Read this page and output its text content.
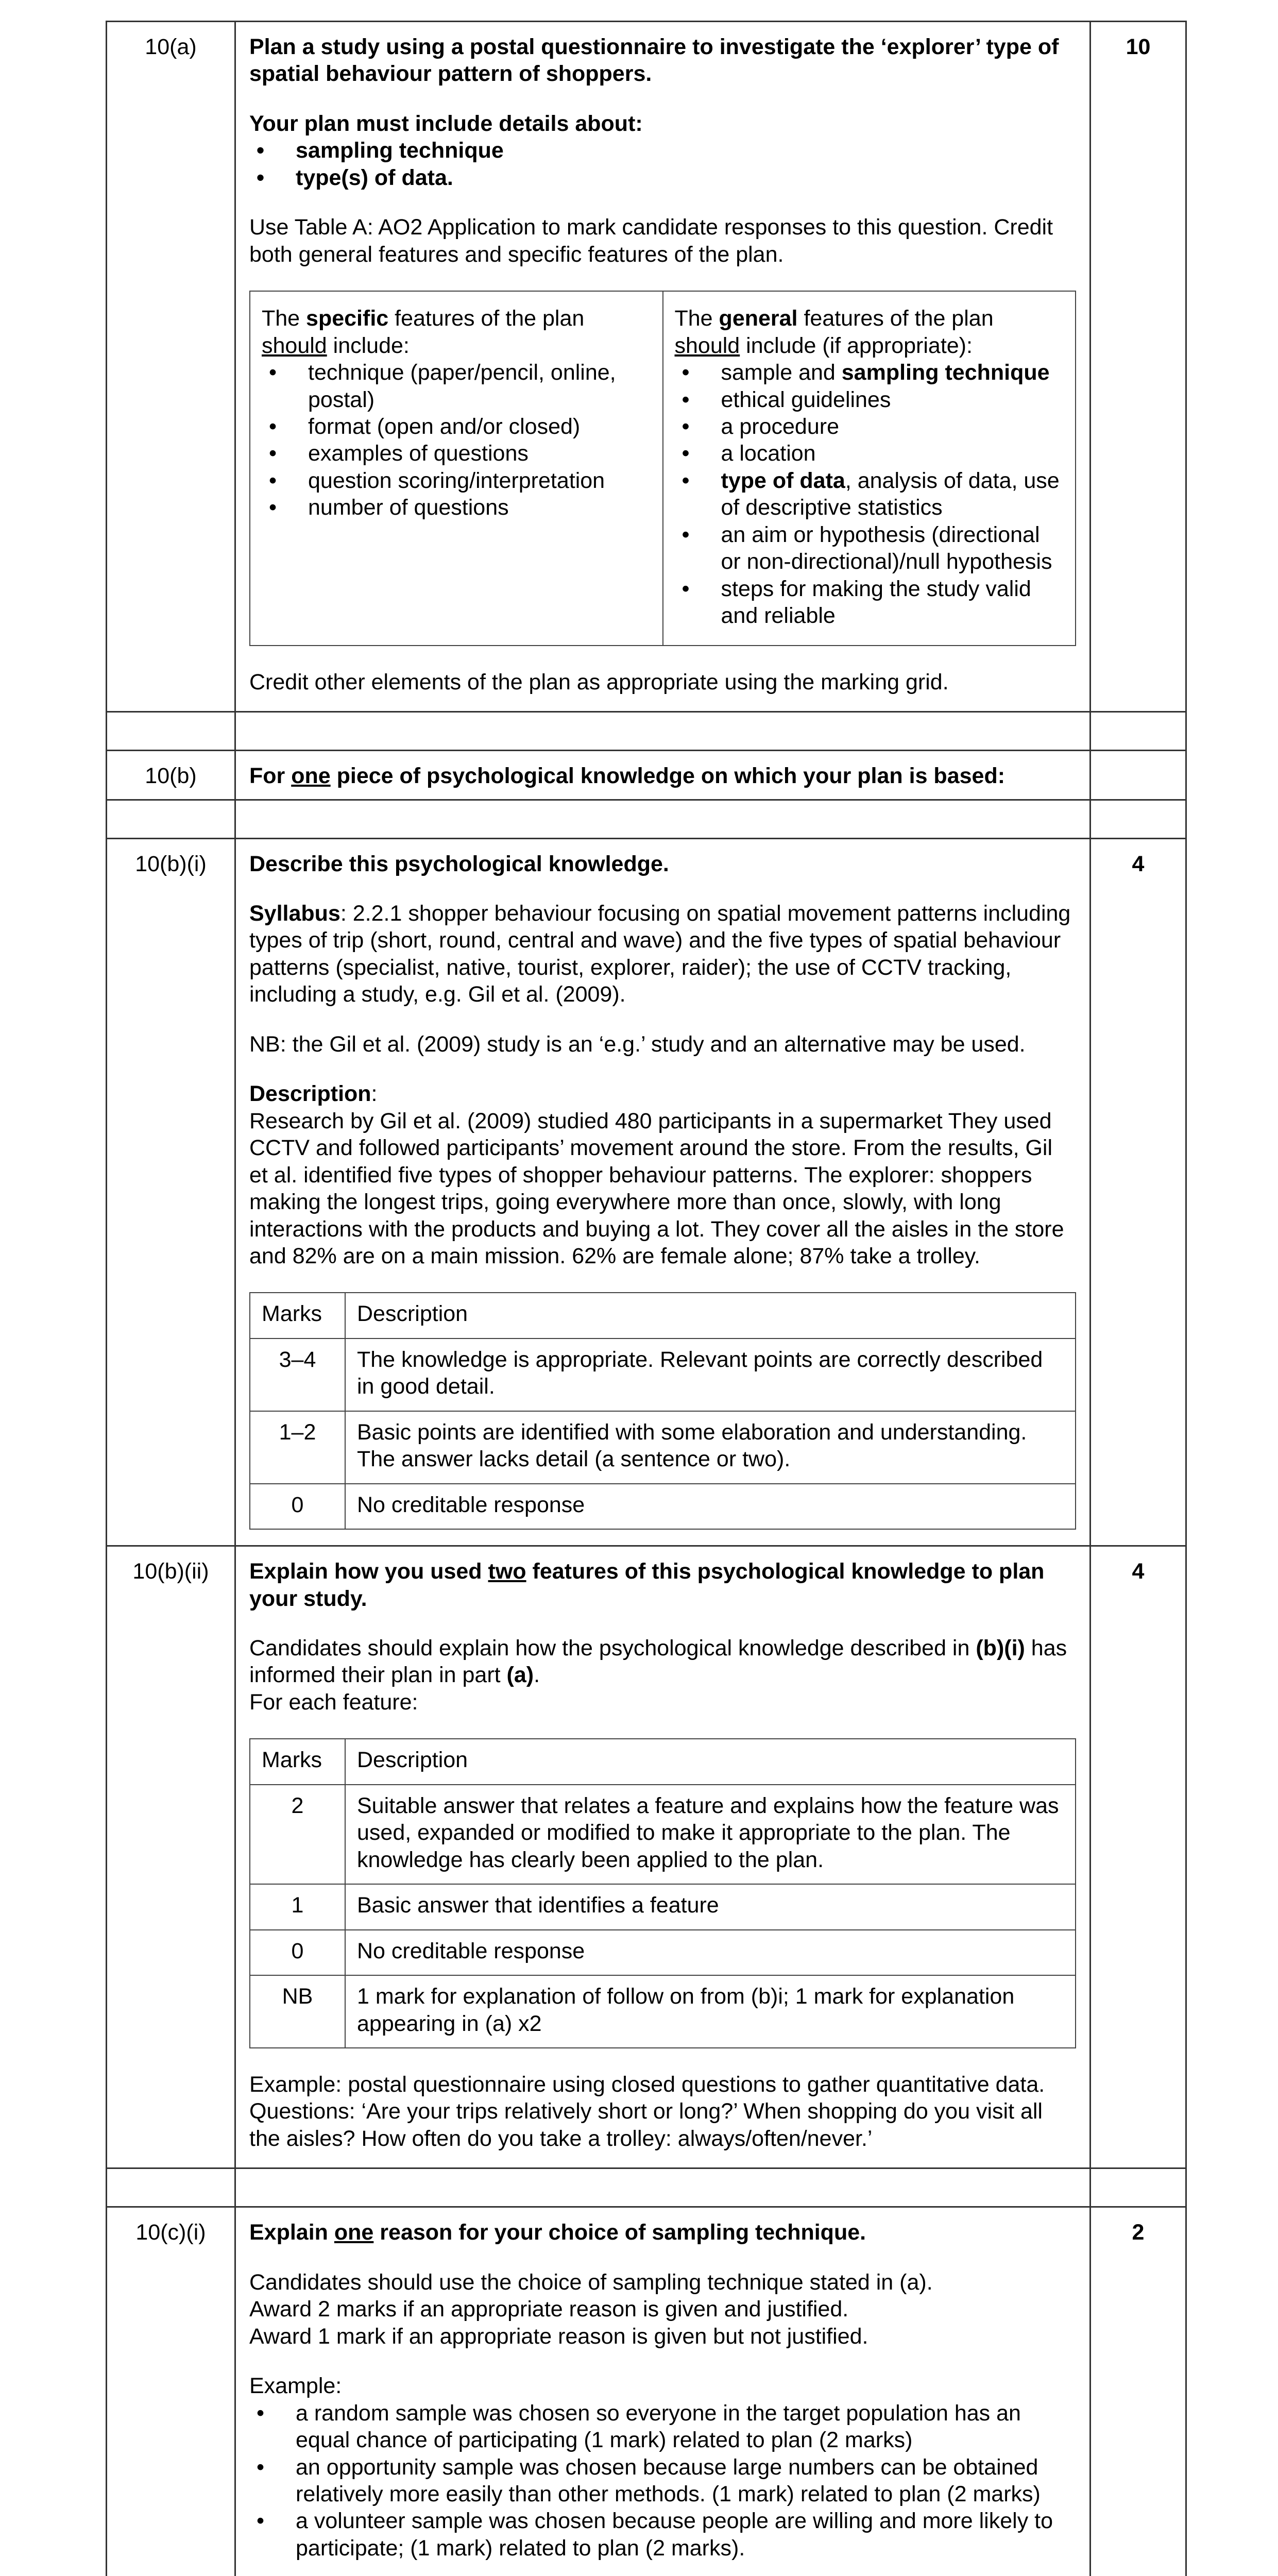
10(a)	Plan a study using a postal questionnaire to investigate the ‘explorer’ type of spatial behaviour pattern of shoppers.

Your plan must include details about:

• sampling technique
• type(s) of data.

Use Table A: AO2 Application to mark candidate responses to this question. Credit both general features and specific features of the plan.

The specific features of the plan should include:
• technique (paper/pencil, online, postal)
• format (open and/or closed)
• examples of questions
• question scoring/interpretation
• number of questions

The general features of the plan should include (if appropriate):
• sample and sampling technique
• ethical guidelines
• a procedure
• a location
• type of data, analysis of data, use of descriptive statistics
• an aim or hypothesis (directional or non-directional)/null hypothesis
• steps for making the study valid and reliable

Credit other elements of the plan as appropriate using the marking grid.

	10

10(b)	For one piece of psychological knowledge on which your plan is based:

10(b)(i)	Describe this psychological knowledge.

Syllabus: 2.2.1 shopper behaviour focusing on spatial movement patterns including types of trip (short, round, central and wave) and the five types of spatial behaviour patterns (specialist, native, tourist, explorer, raider); the use of CCTV tracking, including a study, e.g. Gil et al. (2009).

NB: the Gil et al. (2009) study is an ‘e.g.’ study and an alternative may be used.

Description:

Research by Gil et al. (2009) studied 480 participants in a supermarket They used CCTV and followed participants’ movement around the store. From the results, Gil et al. identified five types of shopper behaviour patterns. The explorer: shoppers making the longest trips, going everywhere more than once, slowly, with long interactions with the products and buying a lot. They cover all the aisles in the store and 82% are on a main mission. 62% are female alone; 87% take a trolley.

Marks	Description
3–4	The knowledge is appropriate. Relevant points are correctly described in good detail.
1–2	Basic points are identified with some elaboration and understanding. The answer lacks detail (a sentence or two).
0	No creditable response
	4
10(b)(ii)	Explain how you used two features of this psychological knowledge to plan your study.

Candidates should explain how the psychological knowledge described in (b)(i) has informed their plan in part (a).

For each feature:

Marks	Description
2	Suitable answer that relates a feature and explains how the feature was used, expanded or modified to make it appropriate to the plan. The knowledge has clearly been applied to the plan.
1	Basic answer that identifies a feature
0	No creditable response
NB	1 mark for explanation of follow on from (b)i; 1 mark for explanation appearing in (a) x2

Example: postal questionnaire using closed questions to gather quantitative data. Questions: ‘Are your trips relatively short or long?’ When shopping do you visit all the aisles? How often do you take a trolley: always/often/never.’

	4

10(c)(i)	Explain one reason for your choice of sampling technique.

Candidates should use the choice of sampling technique stated in (a).
Award 2 marks if an appropriate reason is given and justified.

Award 1 mark if an appropriate reason is given but not justified.

Example:
• a random sample was chosen so everyone in the target population has an equal chance of participating (1 mark) related to plan (2 marks)
• an opportunity sample was chosen because large numbers can be obtained relatively more easily than other methods. (1 mark) related to plan (2 marks)
• a volunteer sample was chosen because people are willing and more likely to participate; (1 mark) related to plan (2 marks).
	2
